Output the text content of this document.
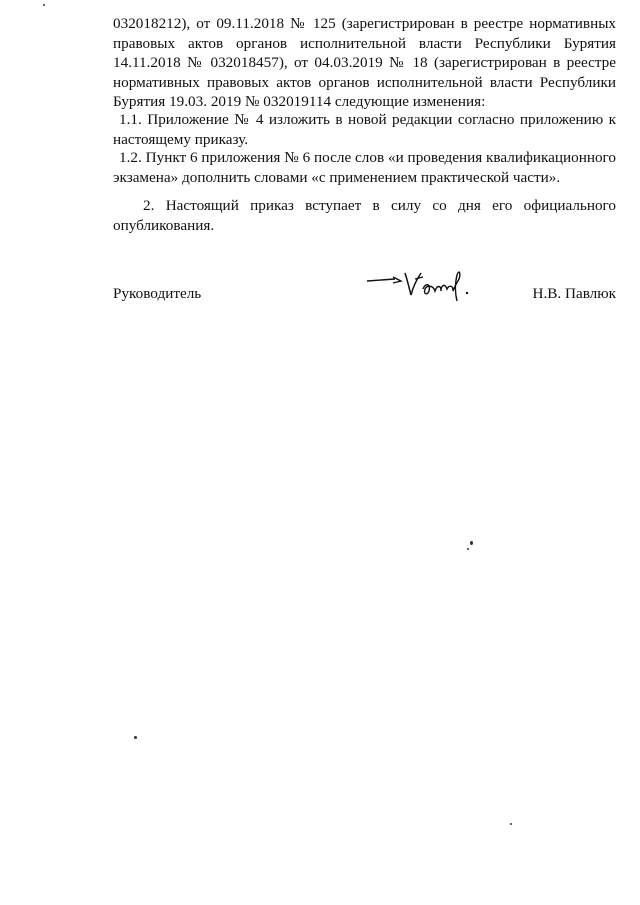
032018212), от 09.11.2018 № 125 (зарегистрирован в реестре нормативных правовых актов органов исполнительной власти Республики Бурятия 14.11.2018 № 032018457), от 04.03.2019 № 18 (зарегистрирован в реестре нормативных правовых актов органов исполнительной власти Республики Бурятия 19.03. 2019 № 032019114 следующие изменения:

1.1. Приложение № 4 изложить в новой редакции согласно приложению к настоящему приказу.

1.2. Пункт 6 приложения № 6 после слов «и проведения квалификационного экзамена» дополнить словами «с применением практической части».

2. Настоящий приказ вступает в силу со дня его официального опубликования.

Руководитель	Н.В. Павлюк
